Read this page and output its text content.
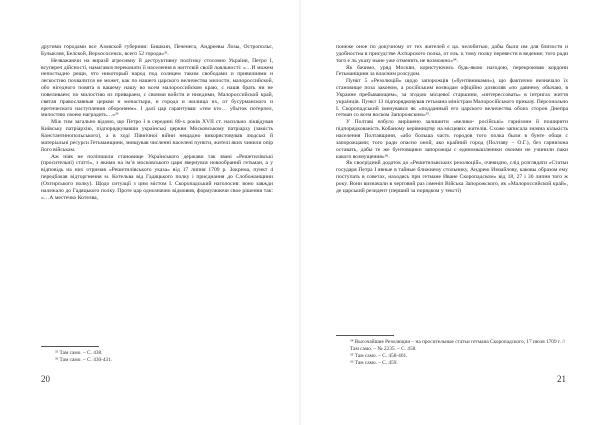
другими городами все Азовской губернии: Бишкин, Печенега, Андреевы Лозы, Остропольє, Булыклея, Белской, Верхососенск, всего 52 городa»³².

Незважаючи на виразй агресивну й деструктивну політику стосовно України, Петро I, всупереч дійсності, намагався переконати її населення в життєвій своїй лояльності: «…И можем непостыдно рещи, что никоторый народ под солнцем таким свободами и привилиями и легкостию похвалится не может, как по нашего царского величества милости, малороссийской, обо нігедного повята в вашему нашу во всем малороссийском краю, с нашв брать ни не повеливаем; по милостию из привараем, с своими войсти и ниждими, Малороссийской край, святая православныя церкви и монастыри, и города и жилища их, от бусурманского и еретического наступления обороняем». І далі цар гарантував: «тем кто… убыток потерпел, милостию своею наградить…»³³

Між тим загально відомо, що Петро I в середині 80-х років XVII ст. насильно ліквідував Київську патріархію, підпорядкувавши українські церкви Московському патріарху (замість Константинопольського), а в ході Північної війни нещадно використовував людські й матеріальні ресурси Гетьманщини, знищував численні населені пункти, жителі яких чинили опір його військам.

Аж ніяк не поліпшили становище Українського держави так звані «Решетилівські (просительні) статті», з якими на ім’я московського царя звернувся новообраний гетьман, а у відповідь на них отримав «Решетилівського указа» від 17 липня 1709 р. Зокрема, пункт 4 передбачав відторгнення м. Котельва від Гадяцького полку і приєднання до Слобожанщини (Охтирського полку). Щодо ситуації з цим містом I. Скоропадський наголосив: воно завжди належало до Гадяцького полку. Проте цар однозначно відмовив, формулюючи свое рішення так: «…А местечко Котелва,

³² Там само. – С. 438.

³³ Там само. – С. 430-431.

20

понеже оное по докучному от тех жителей є ца. челобитью, дабы были им для близости и удобностиа в присудстве Ахтырского полка, от ель. к тому полку перевести в ведение; того ради того е ль указу ныне уже отменить не возможно»³⁴.

Як бачимо, уряд Москви, користуючись будь-якою нагодою, перекроював кордони Гетьманщини за власним розсудом.

Пункт 5 «Резолюцій» щодо запорожців («бунтівниками»), що фактично визначало їх становище поза законом, а російським воєводам офіційно дозволяв «по давнему обычаю, в Украине пребывающим», за згодою місцевої старшини, «интерессовать» в інтригах життя українців. Пункт 13 підпорядковував гетьмана міністрам Малоросійського приказу. Персонально I. Скоропадський іменувався як «подданный его царского величества обоих сторон Днепра гетман со всем воском Запорожским»³⁵.

У Полтаві взбуло вирішено залишити «велико- російські» гарнізони й поширити підпорядкованість Кобаному керівництву на місцевих жителів. Схоже записала значна кількість населення Полтавщини, «або больша часть городов того полка были в бунте общи с запорожцами; того ради опасно оной, ако крайний город (Полтаву – О.Г.), без гарнизона оставать, дабы те же бунтовщики запорожцы с единомышленики своими не учинили паки какого возмущения»³⁶.

Як своєрідний додаток до «Решетильвських резолюцій», очевидно, слід розглядати «Статьи государя Петра I явные в тайные ближнему стольнику, Андрею Измайлову, каковы образом ему поступать в советах, находясь при гетмане Иване Скоропадском» від 18, 27 і 30 липня того ж року. Вони визначали в черговий раз ізменіп Війська Запорожского, як «Малороссийской край», де царський резидент (перший за порядком у тексті)

³⁴ Высочайшие Резолюции – на просительные статьи гетмана Скоропадского, 17 июля 1709 г. // Там само. – № 2235. – С. 458.

³⁵ Там само. – С. 458-461.

³⁶ Там само. – С. 459.

21
